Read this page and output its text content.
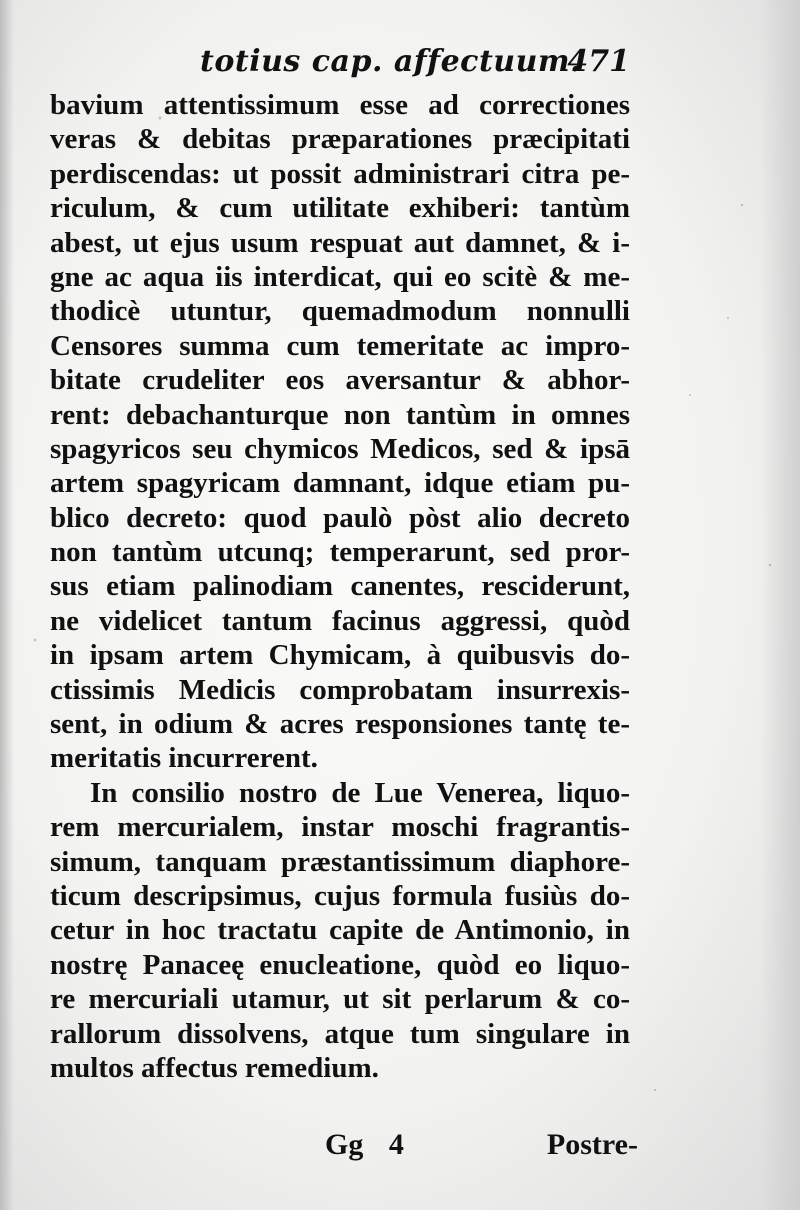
totius cap. affectuum.
471
bavium attentissimum esse ad correctiones
veras & debitas præparationes præcipitati
perdiscendas: ut possit administrari citra pe-
riculum, & cum utilitate exhiberi: tantùm
abest, ut ejus usum respuat aut damnet, & i-
gne ac aqua iis interdicat, qui eo scitè & me-
thodicè utuntur, quemadmodum nonnulli
Censores summa cum temeritate ac impro-
bitate crudeliter eos aversantur & abhor-
rent: debachanturque non tantùm in omnes
spagyricos seu chymicos Medicos, sed & ipsā
artem spagyricam damnant, idque etiam pu-
blico decreto: quod paulò pòst alio decreto
non tantùm utcunq; temperarunt, sed pror-
sus etiam palinodiam canentes, resciderunt,
ne videlicet tantum facinus aggressi, quòd
in ipsam artem Chymicam, à quibusvis do-
ctissimis Medicis comprobatam insurrexis-
sent, in odium & acres responsiones tantę te-
meritatis incurrerent.
In consilio nostro de Lue Venerea, liquo-
rem mercurialem, instar moschi fragrantis-
simum, tanquam præstantissimum diaphore-
ticum descripsimus, cujus formula fusiùs do-
cetur in hoc tractatu capite de Antimonio, in
nostrę Panaceę enucleatione, quòd eo liquo-
re mercuriali utamur, ut sit perlarum & co-
rallorum dissolvens, atque tum singulare in
multos affectus remedium.
Gg 4	Postre-
